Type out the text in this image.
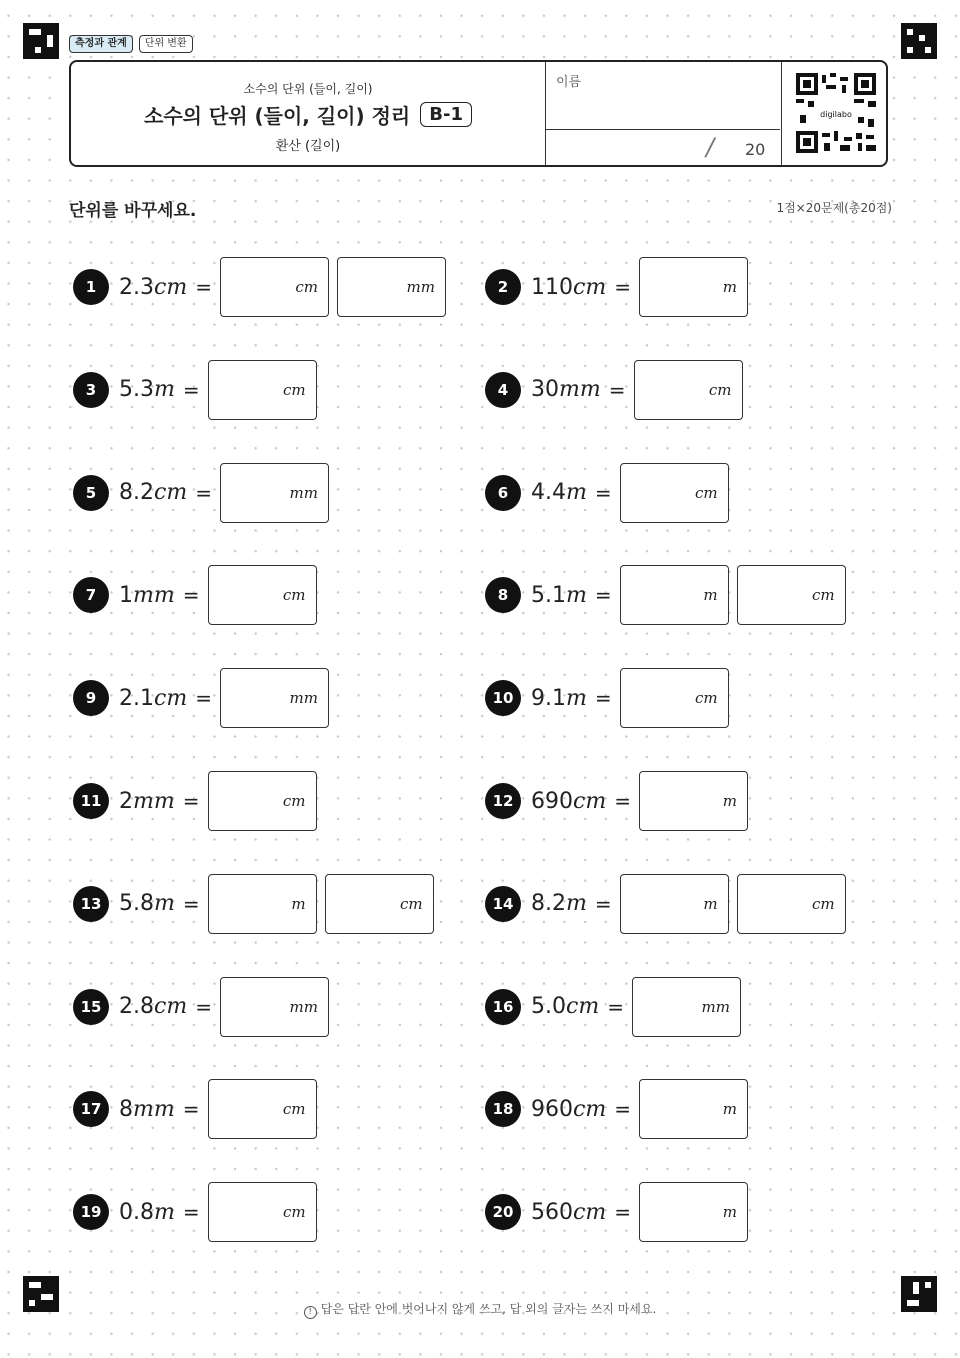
측정과 관계	단위 변환
소수의 단위 (들이, 길이)
소수의 단위 (들이, 길이) 정리	B-1
환산 (길이)
이름
/ 20
digilabo
단위를 바꾸세요.	1점×20문제(총20점)
1	2.3cm =	cm	mm	2	110cm =	m
3	5.3m =	cm	4	30mm =	cm
5	8.2cm =	mm	6	4.4m =	cm
7	1mm =	cm	8	5.1m =	m	cm
9	2.1cm =	mm	10 9.1m =	cm
11 2mm =	cm	12 690cm =	m
13 5.8m =	m	cm	14 8.2m =	m	cm
15 2.8cm =	mm	16 5.0cm =	mm
17 8mm =	cm	18 960cm =	m
19 0.8m =	cm	20 560cm =	m
! 답은 답란 안에 벗어나지 않게 쓰고, 답 외의 글자는 쓰지 마세요.
